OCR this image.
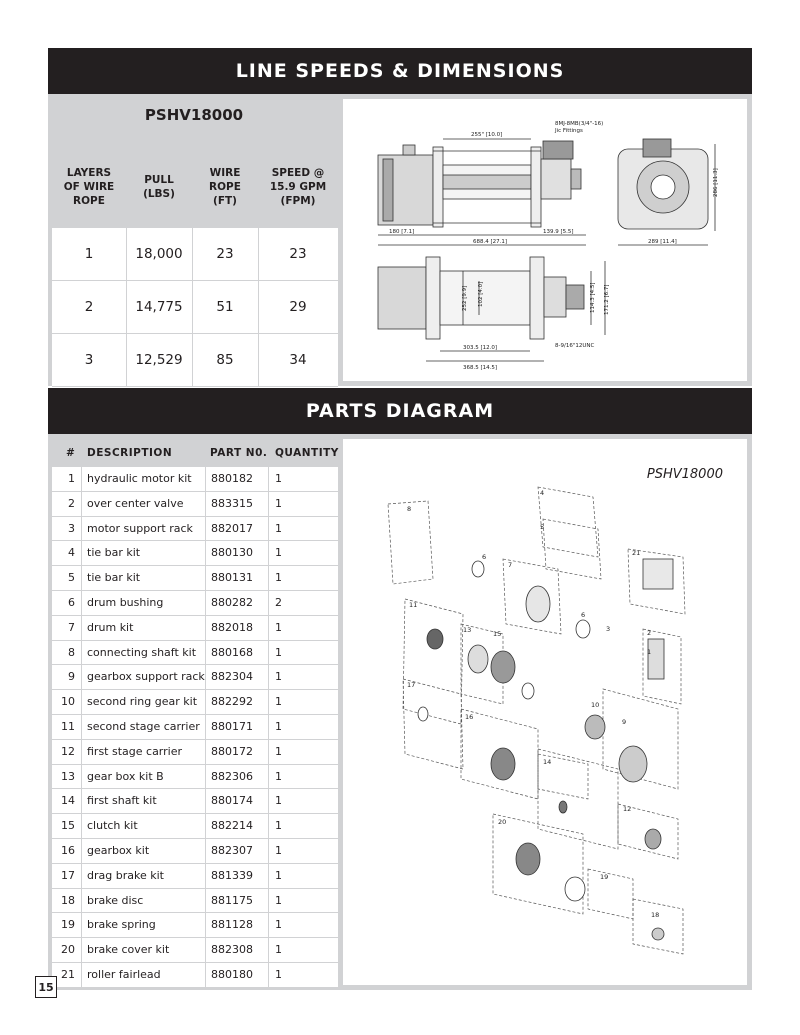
LINE SPEEDS & DIMENSIONS
PSHV18000
LAYERS
OF WIRE
ROPE
PULL
(LBS)
WIRE
ROPE
(FT)
SPEED @
15.9 GPM
(FPM)
1	18,000	23	23
2	14,775	51	29
3	12,529	85	34
8MJ-8MB(3/4"-16)
Jic Fittings
255" [10.0]
286 [11.3]
180 [7.1]
688.4 [27.1]
139.9 [5.5]
289 [11.4]
252 [9.9] 102 [4.0]	114.3 [4.5] 171.2 [6.7]
303.5 [12.0]
368.5 [14.5]
8-9/16"12UNC
PARTS DIAGRAM
# DESCRIPTION	PART N0. QUANTITY
1	hydraulic motor kit	880182	1
2	over center valve	883315	1
3	motor support rack	882017	1
4	tie bar kit	880130	1
5	tie bar kit	880131	1
6	drum bushing	880282	2
7	drum kit	882018	1
8	connecting shaft kit	880168	1
9	gearbox support rack 882304	1
10	second ring gear kit	882292	1
11	second stage carrier	880171	1
12	first stage carrier	880172	1
13	gear box kit B	882306	1
14	first shaft kit	880174	1
15	clutch kit	882214	1
16	gearbox kit	882307	1
17	drag brake kit	881339	1
18	brake disc	881175	1
19	brake spring	881128	1
20	brake cover kit	882308	1
21	roller fairlead	880180	1
PSHV18000
8
4
5
6
7
21
11
6
3
13	15	2
1
17
10
16
9
14
12
20
19
18
15
